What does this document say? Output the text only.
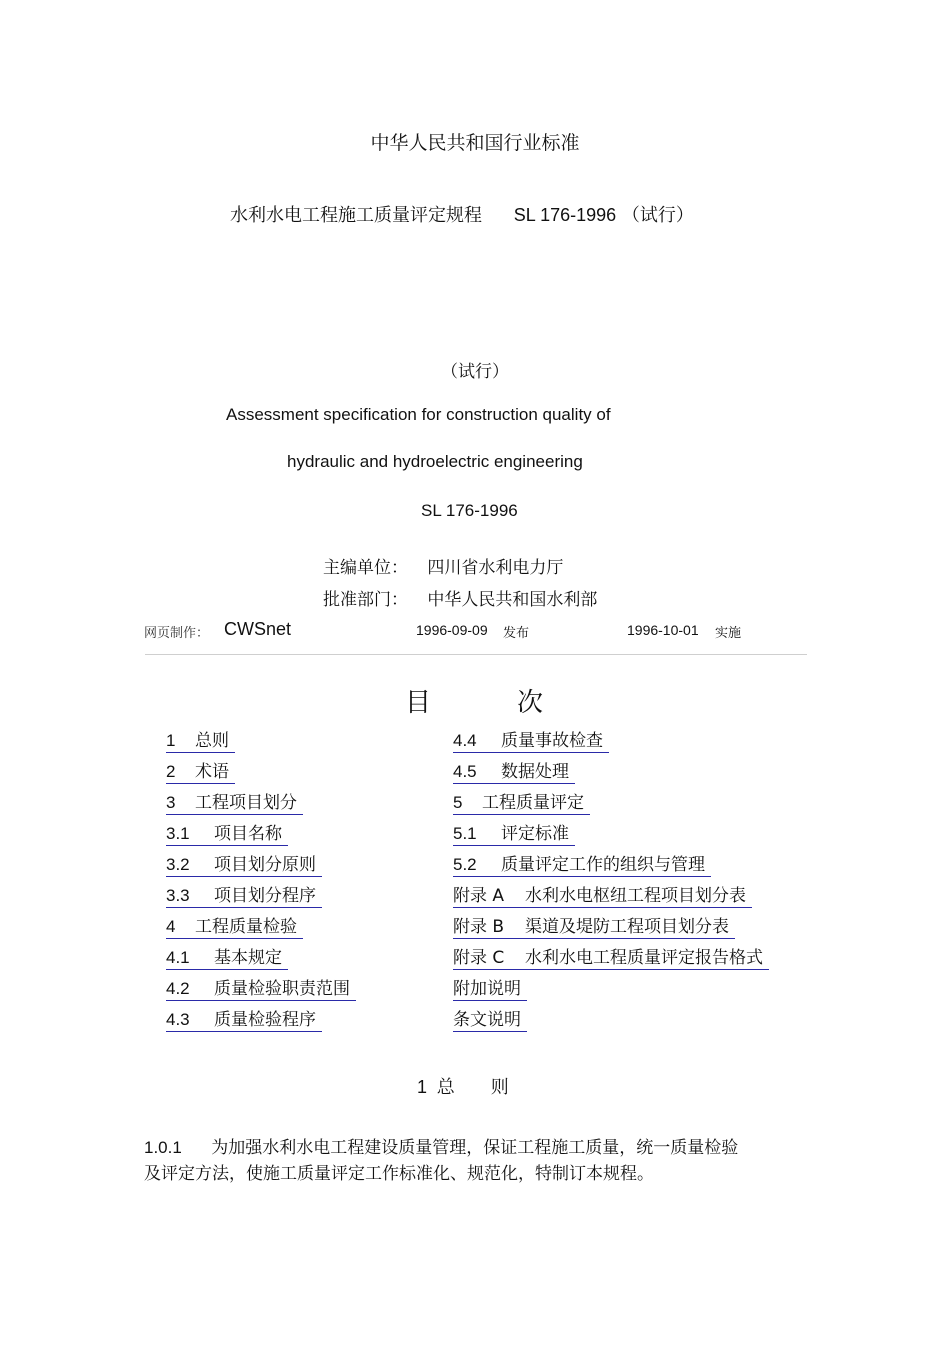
中华人民共和国行业标准
水利水电工程施工质量评定规程 SL 176-1996 （试行）
（试行）
Assessment specification for construction quality of
hydraulic and hydroelectric engineering
SL 176-1996
主编单位： 四川省水利电力厅
批准部门： 中华人民共和国水利部
网页制作： CWSnet	1996-09-09 发布	1996-10-01 实施
目　　　次
1 总则
2 术语
3 工程项目划分
3.1 项目名称
3.2 项目划分原则
3.3 项目划分程序
4 工程质量检验
4.1 基本规定
4.2 质量检验职责范围
4.3 质量检验程序
4.4 质量事故检查
4.5 数据处理
5 工程质量评定
5.1 评定标准
5.2 质量评定工作的组织与管理
附录 A 水利水电枢纽工程项目划分表
附录 B 渠道及堤防工程项目划分表
附录 C 水利水电工程质量评定报告格式
附加说明
条文说明
1 总　　则
1.0.1 为加强水利水电工程建设质量管理，保证工程施工质量，统一质量检验
及评定方法，使施工质量评定工作标准化、规范化，特制订本规程。
